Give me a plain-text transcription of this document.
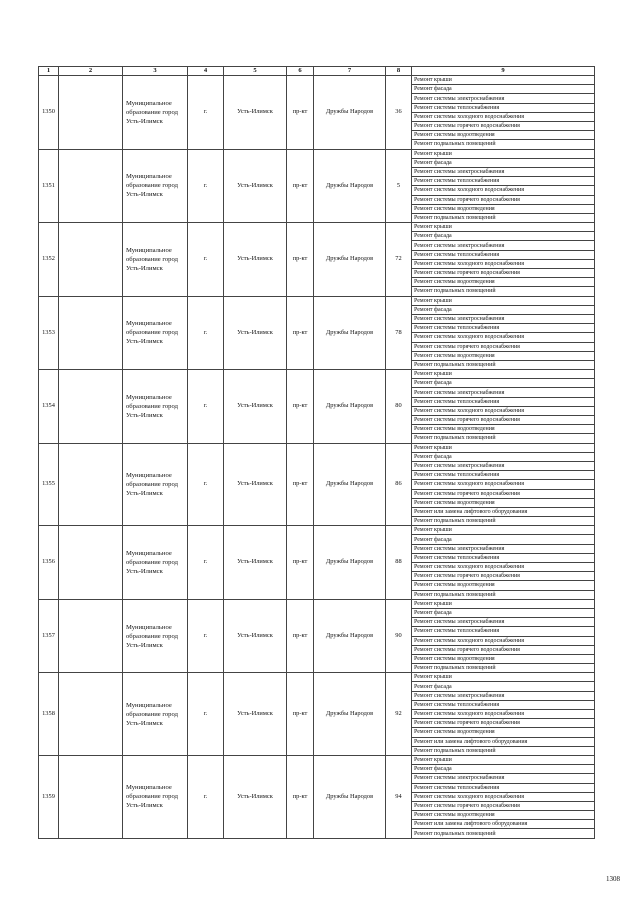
1	2	3	4	5	6	7	8	9
1350		Муниципальное образование город Усть-Илимск	г.	Усть-Илимск	пр-кт	Дружбы Народов	36	Ремонт крыши
								Ремонт фасада
								Ремонт системы электроснабжения
								Ремонт системы теплоснабжения
								Ремонт системы холодного водоснабжения
								Ремонт системы горячего водоснабжения
								Ремонт системы водоотведения
								Ремонт подвальных помещений
1351		Муниципальное образование город Усть-Илимск	г.	Усть-Илимск	пр-кт	Дружбы Народов	5	Ремонт крыши
								Ремонт фасада
								Ремонт системы электроснабжения
								Ремонт системы теплоснабжения
								Ремонт системы холодного водоснабжения
								Ремонт системы горячего водоснабжения
								Ремонт системы водоотведения
								Ремонт подвальных помещений
1352		Муниципальное образование город Усть-Илимск	г.	Усть-Илимск	пр-кт	Дружбы Народов	72	Ремонт крыши
								Ремонт фасада
								Ремонт системы электроснабжения
								Ремонт системы теплоснабжения
								Ремонт системы холодного водоснабжения
								Ремонт системы горячего водоснабжения
								Ремонт системы водоотведения
								Ремонт подвальных помещений
1353		Муниципальное образование город Усть-Илимск	г.	Усть-Илимск	пр-кт	Дружбы Народов	78	Ремонт крыши
								Ремонт фасада
								Ремонт системы электроснабжения
								Ремонт системы теплоснабжения
								Ремонт системы холодного водоснабжения
								Ремонт системы горячего водоснабжения
								Ремонт системы водоотведения
								Ремонт подвальных помещений
1354		Муниципальное образование город Усть-Илимск	г.	Усть-Илимск	пр-кт	Дружбы Народов	80	Ремонт крыши
								Ремонт фасада
								Ремонт системы электроснабжения
								Ремонт системы теплоснабжения
								Ремонт системы холодного водоснабжения
								Ремонт системы горячего водоснабжения
								Ремонт системы водоотведения
								Ремонт подвальных помещений
1355		Муниципальное образование город Усть-Илимск	г.	Усть-Илимск	пр-кт	Дружбы Народов	86	Ремонт крыши
								Ремонт фасада
								Ремонт системы электроснабжения
								Ремонт системы теплоснабжения
								Ремонт системы холодного водоснабжения
								Ремонт системы горячего водоснабжения
								Ремонт системы водоотведения
								Ремонт или замена лифтового оборудования
								Ремонт подвальных помещений
1356		Муниципальное образование город Усть-Илимск	г.	Усть-Илимск	пр-кт	Дружбы Народов	88	Ремонт крыши
								Ремонт фасада
								Ремонт системы электроснабжения
								Ремонт системы теплоснабжения
								Ремонт системы холодного водоснабжения
								Ремонт системы горячего водоснабжения
								Ремонт системы водоотведения
								Ремонт подвальных помещений
1357		Муниципальное образование город Усть-Илимск	г.	Усть-Илимск	пр-кт	Дружбы Народов	90	Ремонт крыши
								Ремонт фасада
								Ремонт системы электроснабжения
								Ремонт системы теплоснабжения
								Ремонт системы холодного водоснабжения
								Ремонт системы горячего водоснабжения
								Ремонт системы водоотведения
								Ремонт подвальных помещений
1358		Муниципальное образование город Усть-Илимск	г.	Усть-Илимск	пр-кт	Дружбы Народов	92	Ремонт крыши
								Ремонт фасада
								Ремонт системы электроснабжения
								Ремонт системы теплоснабжения
								Ремонт системы холодного водоснабжения
								Ремонт системы горячего водоснабжения
								Ремонт системы водоотведения
								Ремонт или замена лифтового оборудования
								Ремонт подвальных помещений
1359		Муниципальное образование город Усть-Илимск	г.	Усть-Илимск	пр-кт	Дружбы Народов	94	Ремонт крыши
								Ремонт фасада
								Ремонт системы электроснабжения
								Ремонт системы теплоснабжения
								Ремонт системы холодного водоснабжения
								Ремонт системы горячего водоснабжения
								Ремонт системы водоотведения
								Ремонт или замена лифтового оборудования
								Ремонт подвальных помещений
1308
